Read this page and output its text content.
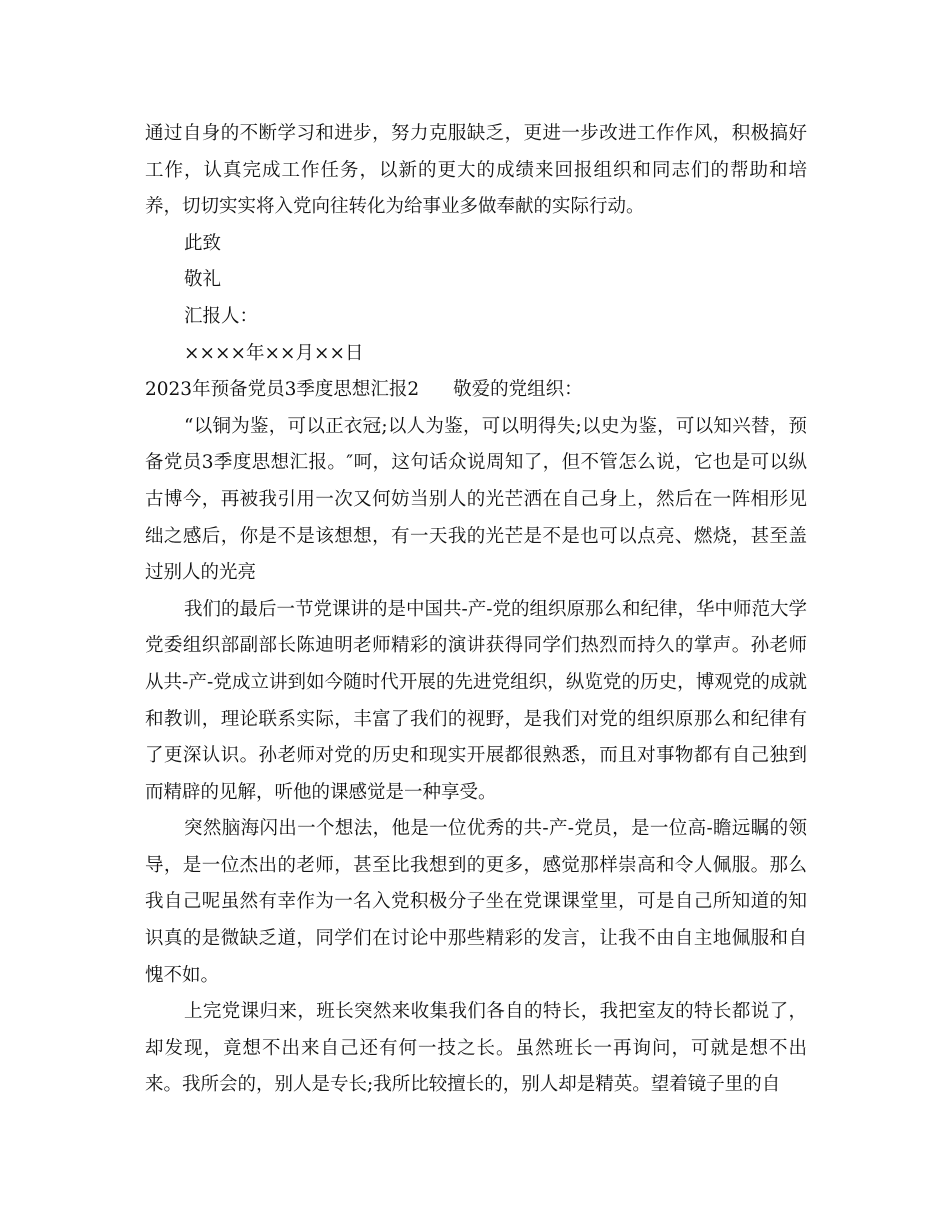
通过自身的不断学习和进步，努力克服缺乏，更进一步改进工作作风，积极搞好工作，认真完成工作任务，以新的更大的成绩来回报组织和同志们的帮助和培养，切切实实将入党向往转化为给事业多做奉献的实际行动。

此致

敬礼

汇报人：

××××年××月××日

2023年预备党员3季度思想汇报2 敬爱的党组织：

“以铜为鉴，可以正衣冠;以人为鉴，可以明得失;以史为鉴，可以知兴替，预备党员3季度思想汇报。″呵，这句话众说周知了，但不管怎么说，它也是可以纵古博今，再被我引用一次又何妨当别人的光芒洒在自己身上，然后在一阵相形见绌之感后，你是不是该想想，有一天我的光芒是不是也可以点亮、燃烧，甚至盖过别人的光亮

我们的最后一节党课讲的是中国共-产-党的组织原那么和纪律，华中师范大学党委组织部副部长陈迪明老师精彩的演讲获得同学们热烈而持久的掌声。孙老师从共-产-党成立讲到如今随时代开展的先进党组织，纵览党的历史，博观党的成就和教训，理论联系实际，丰富了我们的视野，是我们对党的组织原那么和纪律有了更深认识。孙老师对党的历史和现实开展都很熟悉，而且对事物都有自己独到而精辟的见解，听他的课感觉是一种享受。

突然脑海闪出一个想法，他是一位优秀的共-产-党员，是一位高-瞻远瞩的领导，是一位杰出的老师，甚至比我想到的更多，感觉那样崇高和令人佩服。那么我自己呢虽然有幸作为一名入党积极分子坐在党课课堂里，可是自己所知道的知识真的是微缺乏道，同学们在讨论中那些精彩的发言，让我不由自主地佩服和自愧不如。

上完党课归来，班长突然来收集我们各自的特长，我把室友的特长都说了，却发现，竟想不出来自己还有何一技之长。虽然班长一再询问，可就是想不出来。我所会的，别人是专长;我所比较擅长的，别人却是精英。望着镜子里的自
